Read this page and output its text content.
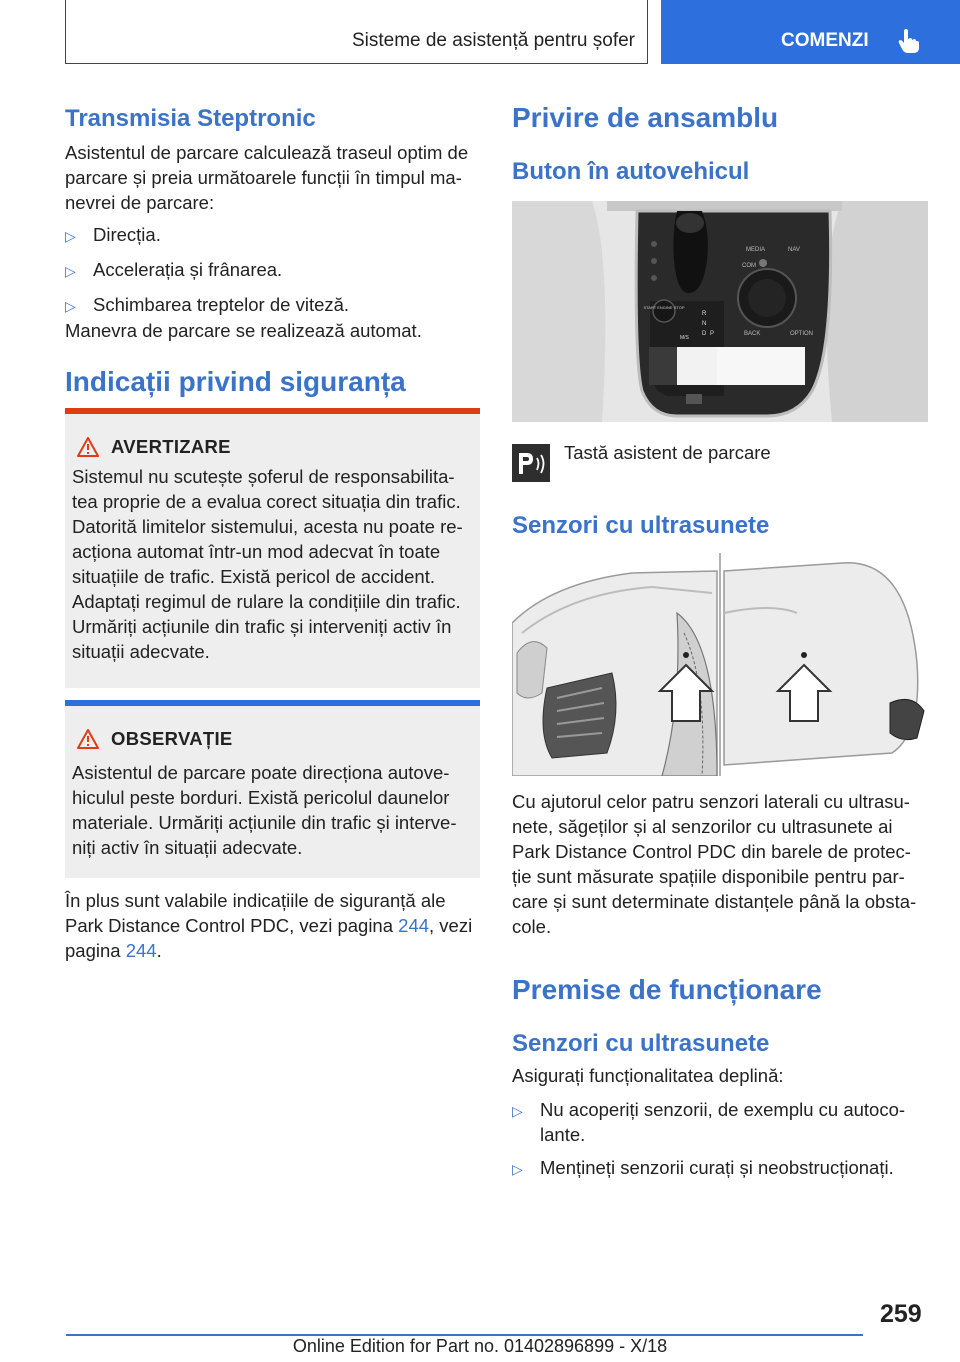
Sisteme de asistență pentru șofer	COMENZI
Transmisia Steptronic

Asistentul de parcare calculează traseul optim de parcare și preia următoarele funcții în timpul ma-nevrei de parcare:

▷ Direcția.
▷ Accelerația și frânarea.
▷ Schimbarea treptelor de viteză.

Manevra de parcare se realizează automat.

Indicații privind siguranța
AVERTIZARE

Sistemul nu scutește șoferul de responsabilita-

tea proprie de a evalua corect situația din trafic.

Datorită limitelor sistemului, acesta nu poate re-

acționa automat într-un mod adecvat în toate

situațiile de trafic. Există pericol de accident.

Adaptați regimul de rulare la condițiile din trafic.

Urmăriți acțiunile din trafic și interveniți activ în

situații adecvate.

OBSERVAȚIE

Asistentul de parcare poate direcționa autove-

hiculul peste borduri. Există pericolul daunelor

materiale. Urmăriți acțiunile din trafic și interve-

niți activ în situații adecvate.

În plus sunt valabile indicațiile de siguranță ale

Park Distance Control PDC, vezi pagina 244, vezi

pagina 244.

Privire de ansamblu
Buton în autovehicul
MEDIA	NAV
COM
BACK	OPTION
START ENGINE STOP
R
N
D P
M/S

Tastă asistent de parcare

Senzori cu ultrasunete

Cu ajutorul celor patru senzori laterali cu ultrasu-

nete, săgeților și al senzorilor cu ultrasunete ai

Park Distance Control PDC din barele de protec-

ție sunt măsurate spațiile disponibile pentru par-

care și sunt determinate distanțele până la obsta-

cole.

Premise de funcționare
Senzori cu ultrasunete

Asigurați funcționalitatea deplină:

▷ Nu acoperiți senzorii, de exemplu cu autoco-
lante.
▷ Mențineți senzorii curați și neobstrucționați.
259
Online Edition for Part no. 01402896899 - X/18
